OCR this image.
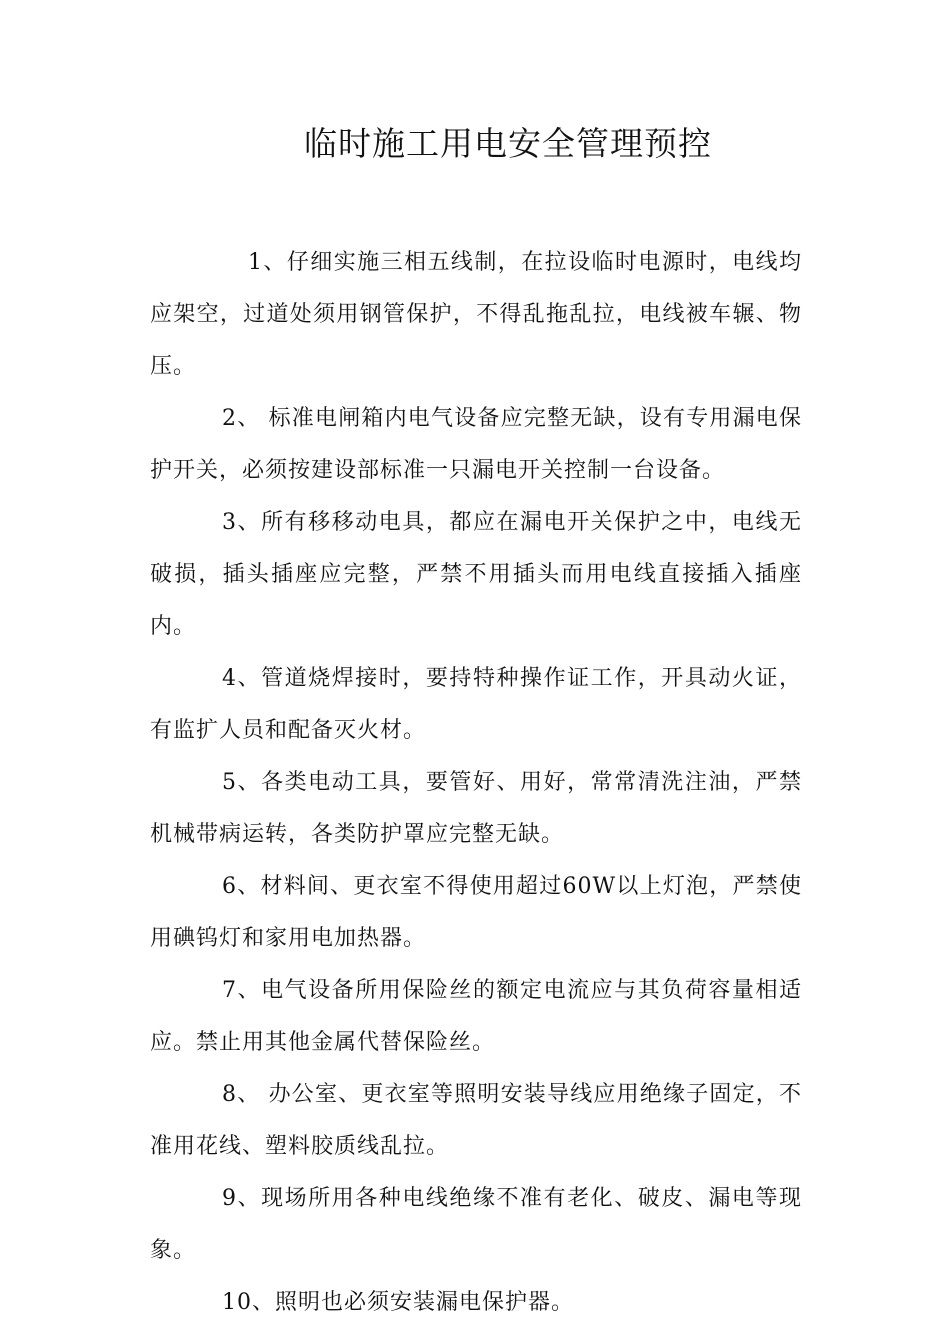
临时施工用电安全管理预控

1、仔细实施三相五线制，在拉设临时电源时，电线均应架空，过道处须用钢管保护，不得乱拖乱拉，电线被车辗、物压。

2、 标准电闸箱内电气设备应完整无缺，设有专用漏电保护开关，必须按建设部标准一只漏电开关控制一台设备。

3、所有移移动电具，都应在漏电开关保护之中，电线无破损，插头插座应完整，严禁不用插头而用电线直接插入插座内。

4、管道烧焊接时，要持特种操作证工作，开具动火证，有监扩人员和配备灭火材。

5、各类电动工具，要管好、用好，常常清洗注油，严禁机械带病运转，各类防护罩应完整无缺。

6、材料间、更衣室不得使用超过60W以上灯泡，严禁使用碘钨灯和家用电加热器。

7、电气设备所用保险丝的额定电流应与其负荷容量相适应。禁止用其他金属代替保险丝。

8、 办公室、更衣室等照明安装导线应用绝缘子固定，不准用花线、塑料胶质线乱拉。

9、现场所用各种电线绝缘不准有老化、破皮、漏电等现象。

10、照明也必须安装漏电保护器。
